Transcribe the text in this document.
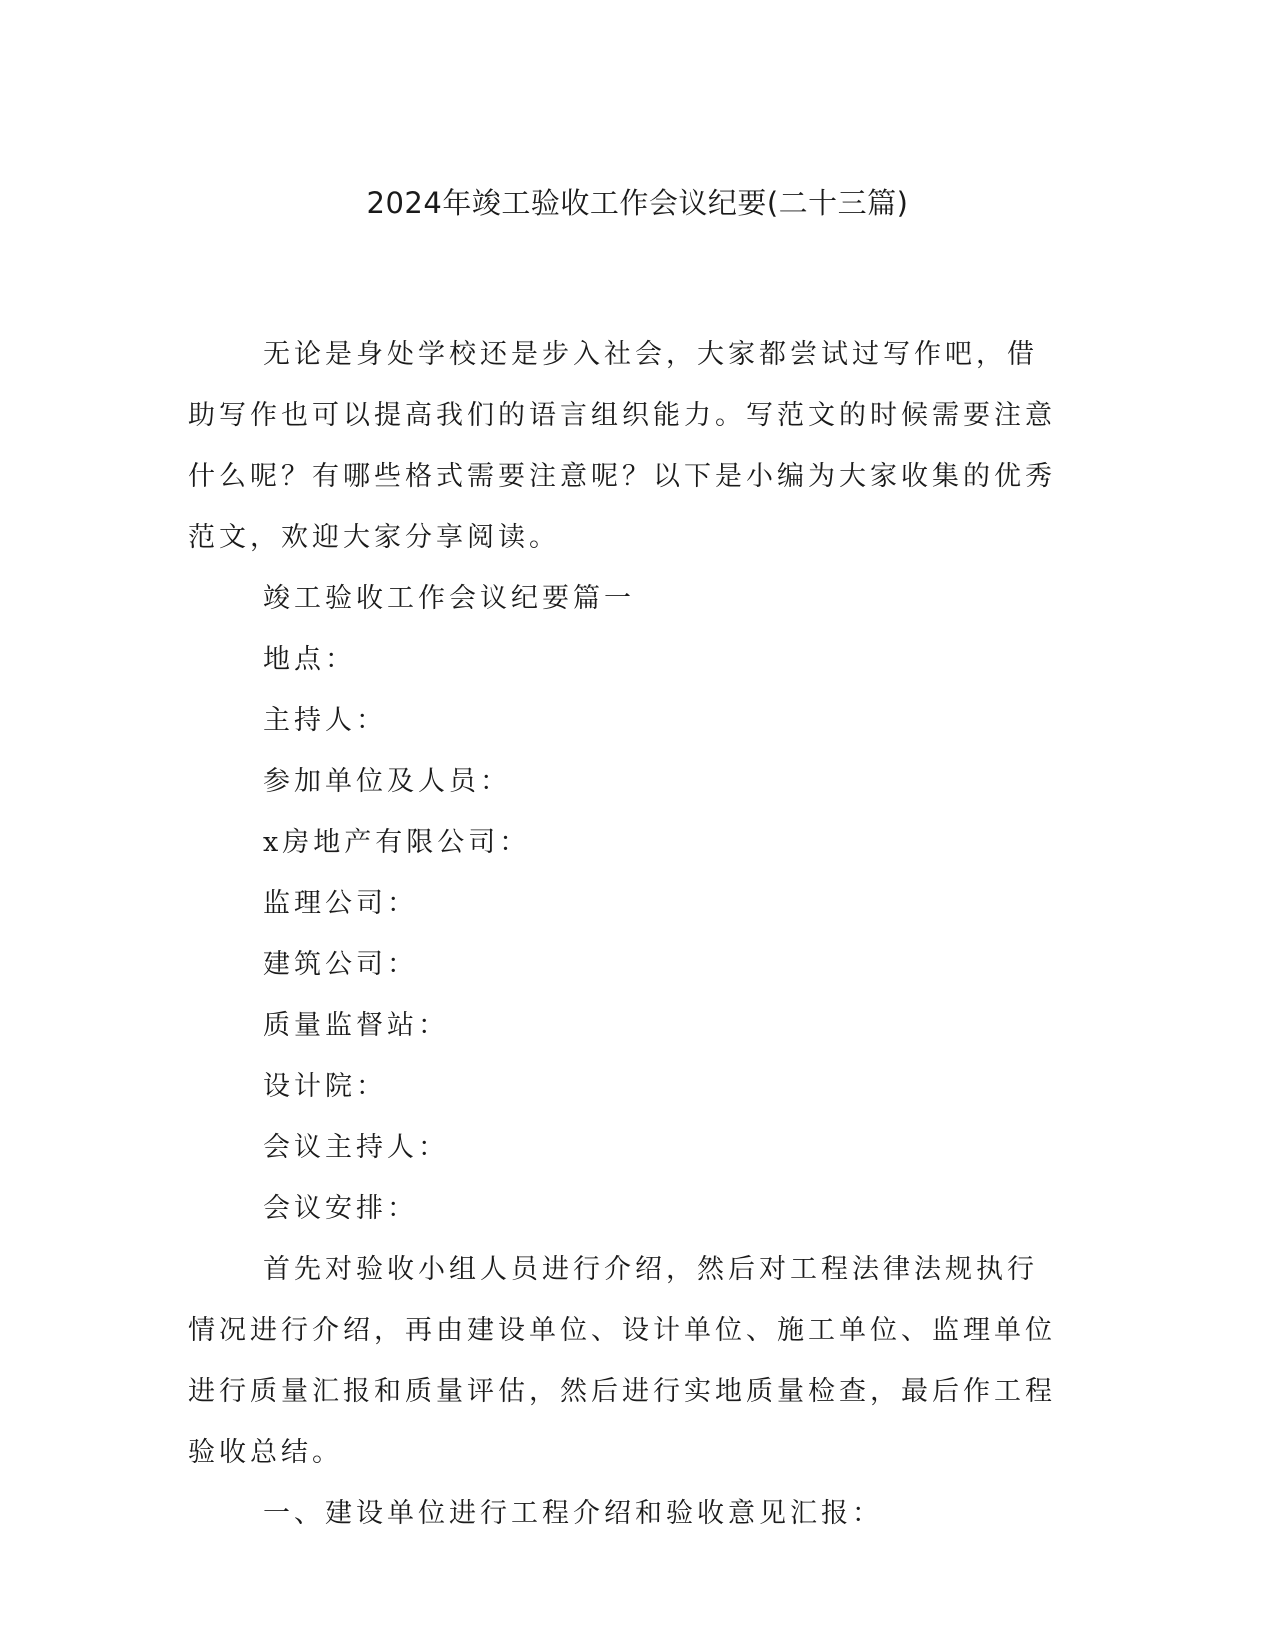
2024年竣工验收工作会议纪要(二十三篇)

无论是身处学校还是步入社会，大家都尝试过写作吧，借助写作也可以提高我们的语言组织能力。写范文的时候需要注意什么呢？有哪些格式需要注意呢？以下是小编为大家收集的优秀范文，欢迎大家分享阅读。

竣工验收工作会议纪要篇一

地点：

主持人：

参加单位及人员：

x房地产有限公司：

监理公司：

建筑公司：

质量监督站：

设计院：

会议主持人：

会议安排：

首先对验收小组人员进行介绍，然后对工程法律法规执行情况进行介绍，再由建设单位、设计单位、施工单位、监理单位进行质量汇报和质量评估，然后进行实地质量检查，最后作工程验收总结。

一、建设单位进行工程介绍和验收意见汇报：
